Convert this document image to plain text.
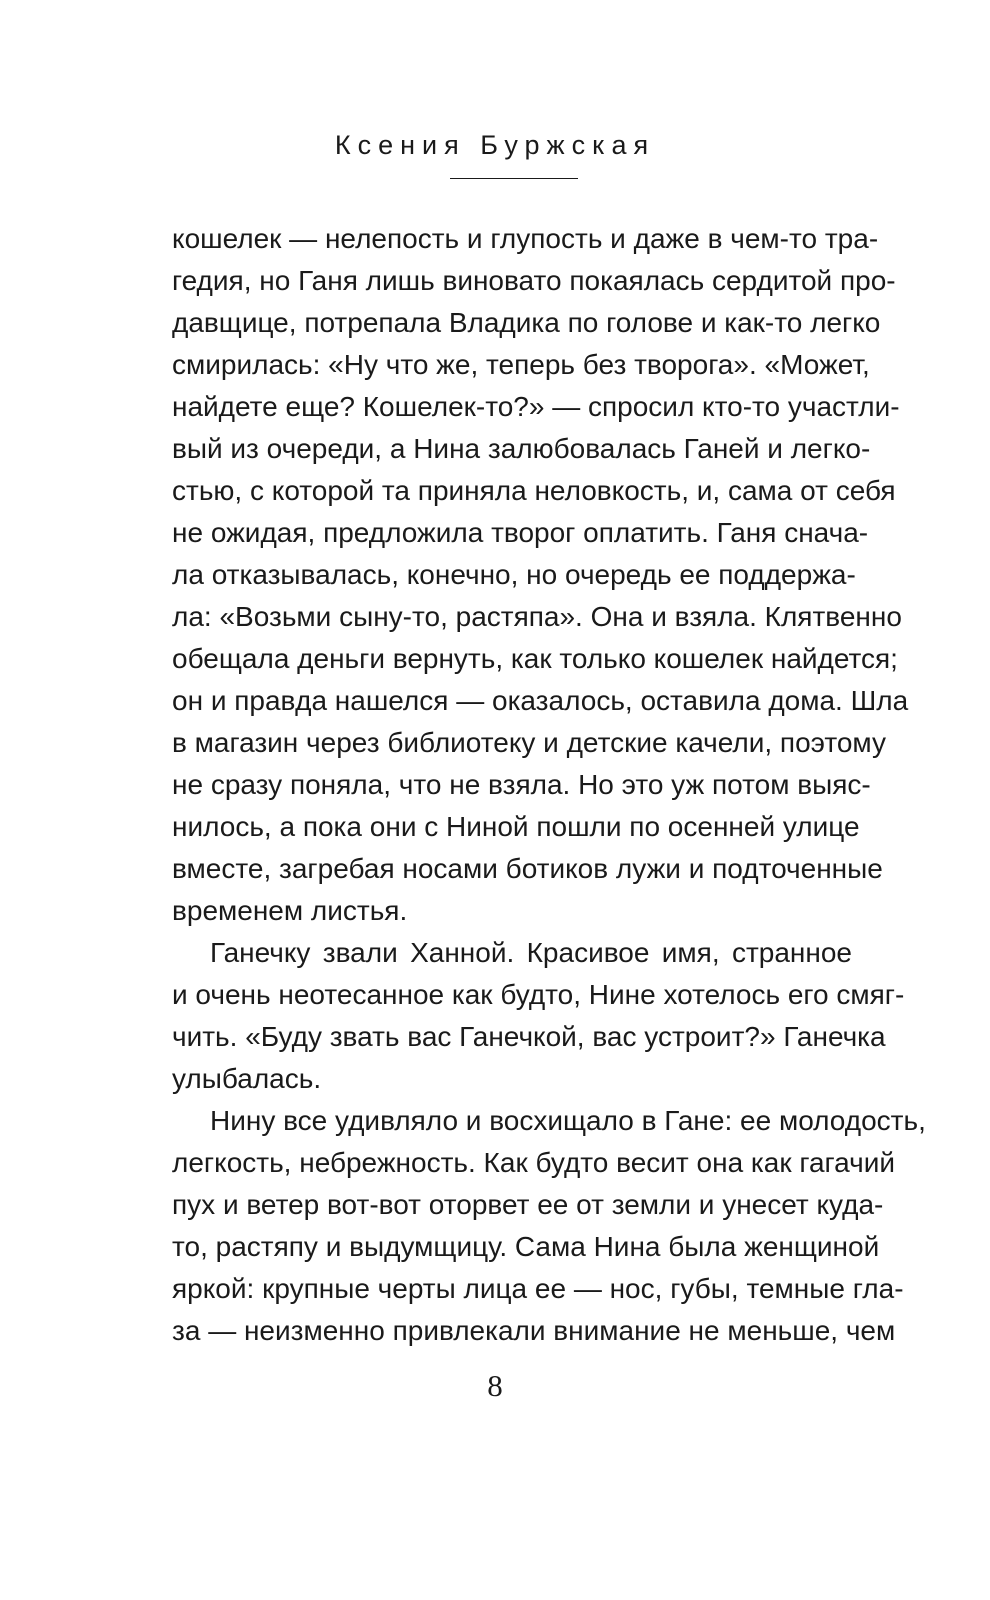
Ксения Буржская
кошелек — нелепость и глупость и даже в чем-то тра-
гедия, но Ганя лишь виновато покаялась сердитой про-
давщице, потрепала Владика по голове и как-то легко
смирилась: «Ну что же, теперь без творога». «Может,
найдете еще? Кошелек-то?» — спросил кто-то участли-
вый из очереди, а Нина залюбовалась Ганей и легко-
стью, с которой та приняла неловкость, и, сама от себя
не ожидая, предложила творог оплатить. Ганя снача-
ла отказывалась, конечно, но очередь ее поддержа-
ла: «Возьми сыну-то, растяпа». Она и взяла. Клятвенно
обещала деньги вернуть, как только кошелек найдется;
он и правда нашелся — оказалось, оставила дома. Шла
в магазин через библиотеку и детские качели, поэтому
не сразу поняла, что не взяла. Но это уж потом выяс-
нилось, а пока они с Ниной пошли по осенней улице
вместе, загребая носами ботиков лужи и подточенные
временем листья.
Ганечку звали Ханной. Красивое имя, странное
и очень неотесанное как будто, Нине хотелось его смяг-
чить. «Буду звать вас Ганечкой, вас устроит?» Ганечка
улыбалась.
Нину все удивляло и восхищало в Гане: ее молодость,
легкость, небрежность. Как будто весит она как гагачий
пух и ветер вот-вот оторвет ее от земли и унесет куда-
то, растяпу и выдумщицу. Сама Нина была женщиной
яркой: крупные черты лица ее — нос, губы, темные гла-
за — неизменно привлекали внимание не меньше, чем
8
